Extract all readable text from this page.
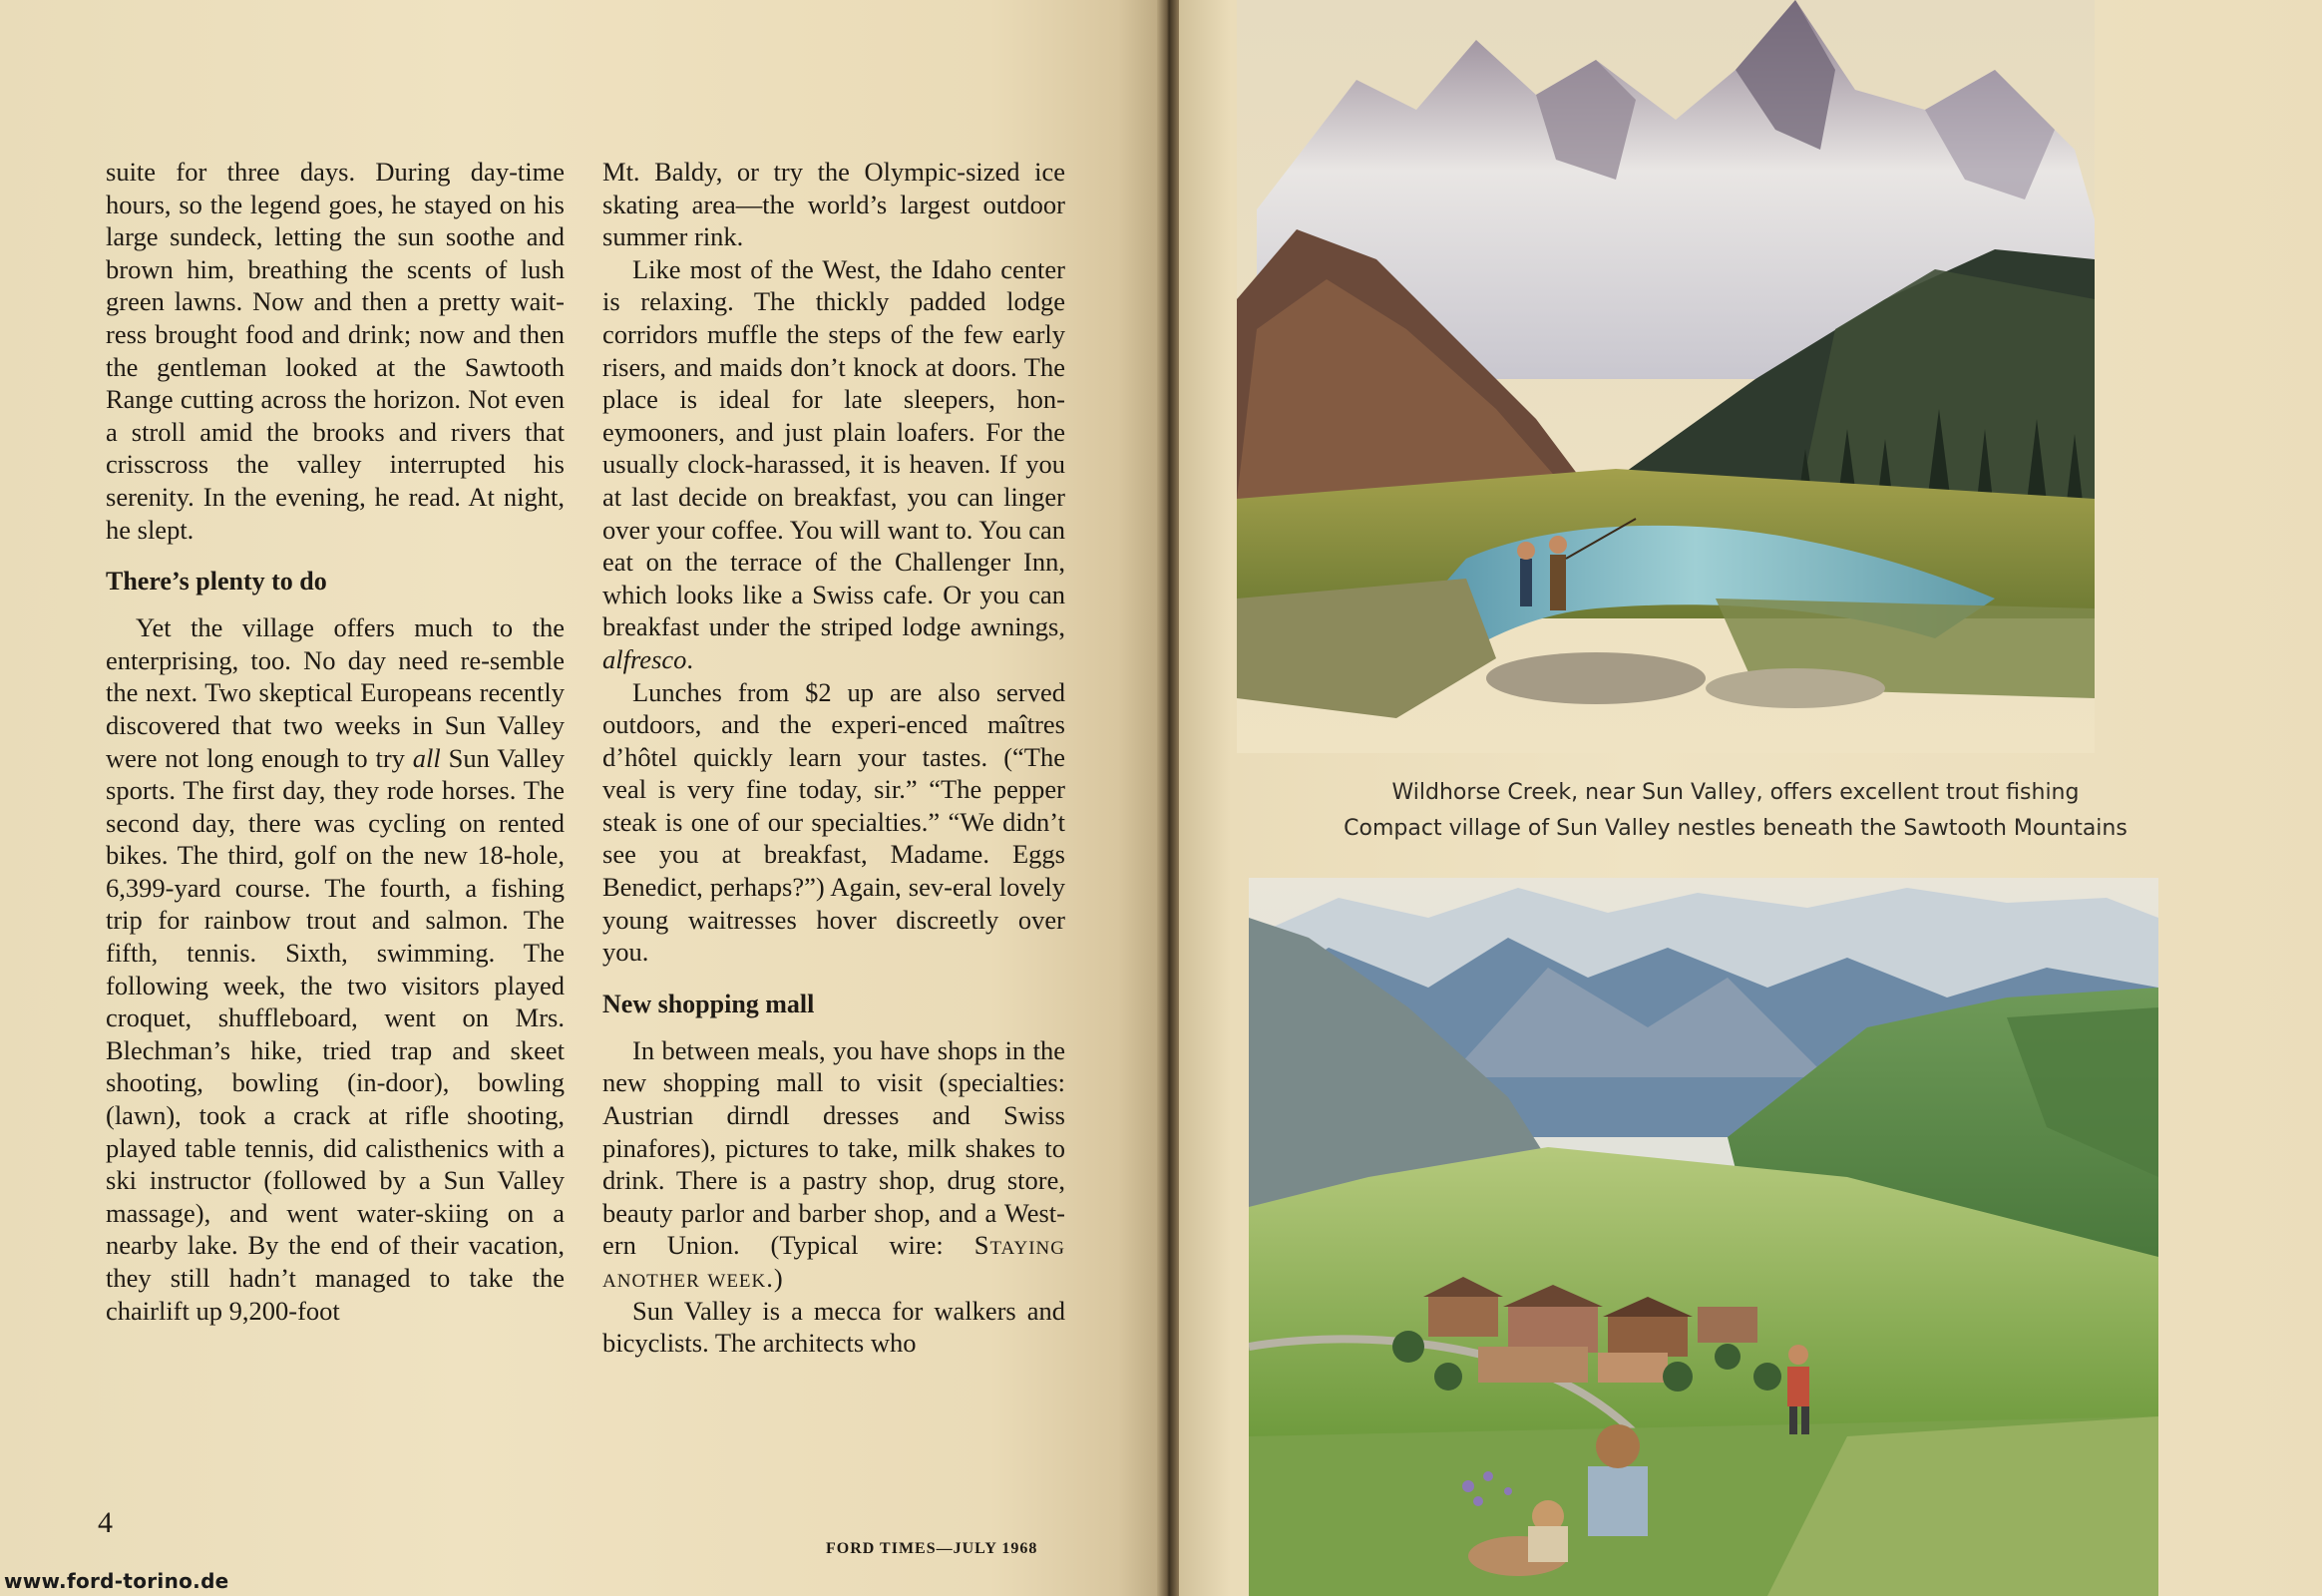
suite for three days. During day-time hours, so the legend goes, he stayed on his large sundeck, letting the sun soothe and brown him, breathing the scents of lush green lawns. Now and then a pretty wait-ress brought food and drink; now and then the gentleman looked at the Sawtooth Range cutting across the horizon. Not even a stroll amid the brooks and rivers that crisscross the valley interrupted his serenity. In the evening, he read. At night, he slept.

There’s plenty to do

Yet the village offers much to the enterprising, too. No day need re-semble the next. Two skeptical Europeans recently discovered that two weeks in Sun Valley were not long enough to try all Sun Valley sports. The first day, they rode horses. The second day, there was cycling on rented bikes. The third, golf on the new 18-hole, 6,399-yard course. The fourth, a fishing trip for rainbow trout and salmon. The fifth, tennis. Sixth, swimming. The following week, the two visitors played croquet, shuffleboard, went on Mrs. Blechman’s hike, tried trap and skeet shooting, bowling (in-door), bowling (lawn), took a crack at rifle shooting, played table tennis, did calisthenics with a ski instructor (followed by a Sun Valley massage), and went water-skiing on a nearby lake. By the end of their vacation, they still hadn’t managed to take the chairlift up 9,200-foot

Mt. Baldy, or try the Olympic-sized ice skating area—the world’s largest outdoor summer rink.

Like most of the West, the Idaho center is relaxing. The thickly padded lodge corridors muffle the steps of the few early risers, and maids don’t knock at doors. The place is ideal for late sleepers, hon-eymooners, and just plain loafers. For the usually clock-harassed, it is heaven. If you at last decide on breakfast, you can linger over your coffee. You will want to. You can eat on the terrace of the Challenger Inn, which looks like a Swiss cafe. Or you can breakfast under the striped lodge awnings, alfresco.

Lunches from $2 up are also served outdoors, and the experi-enced maîtres d’hôtel quickly learn your tastes. (“The veal is very fine today, sir.” “The pepper steak is one of our specialties.” “We didn’t see you at breakfast, Madame. Eggs Benedict, perhaps?”) Again, sev-eral lovely young waitresses hover discreetly over you.

New shopping mall

In between meals, you have shops in the new shopping mall to visit (specialties: Austrian dirndl dresses and Swiss pinafores), pictures to take, milk shakes to drink. There is a pastry shop, drug store, beauty parlor and barber shop, and a West-ern Union. (Typical wire: Staying another week.)

Sun Valley is a mecca for walkers and bicyclists. The architects who

4
FORD TIMES—JULY 1968
www.ford-torino.de
Wildhorse Creek, near Sun Valley, offers excellent trout fishing
Compact village of Sun Valley nestles beneath the Sawtooth Mountains
